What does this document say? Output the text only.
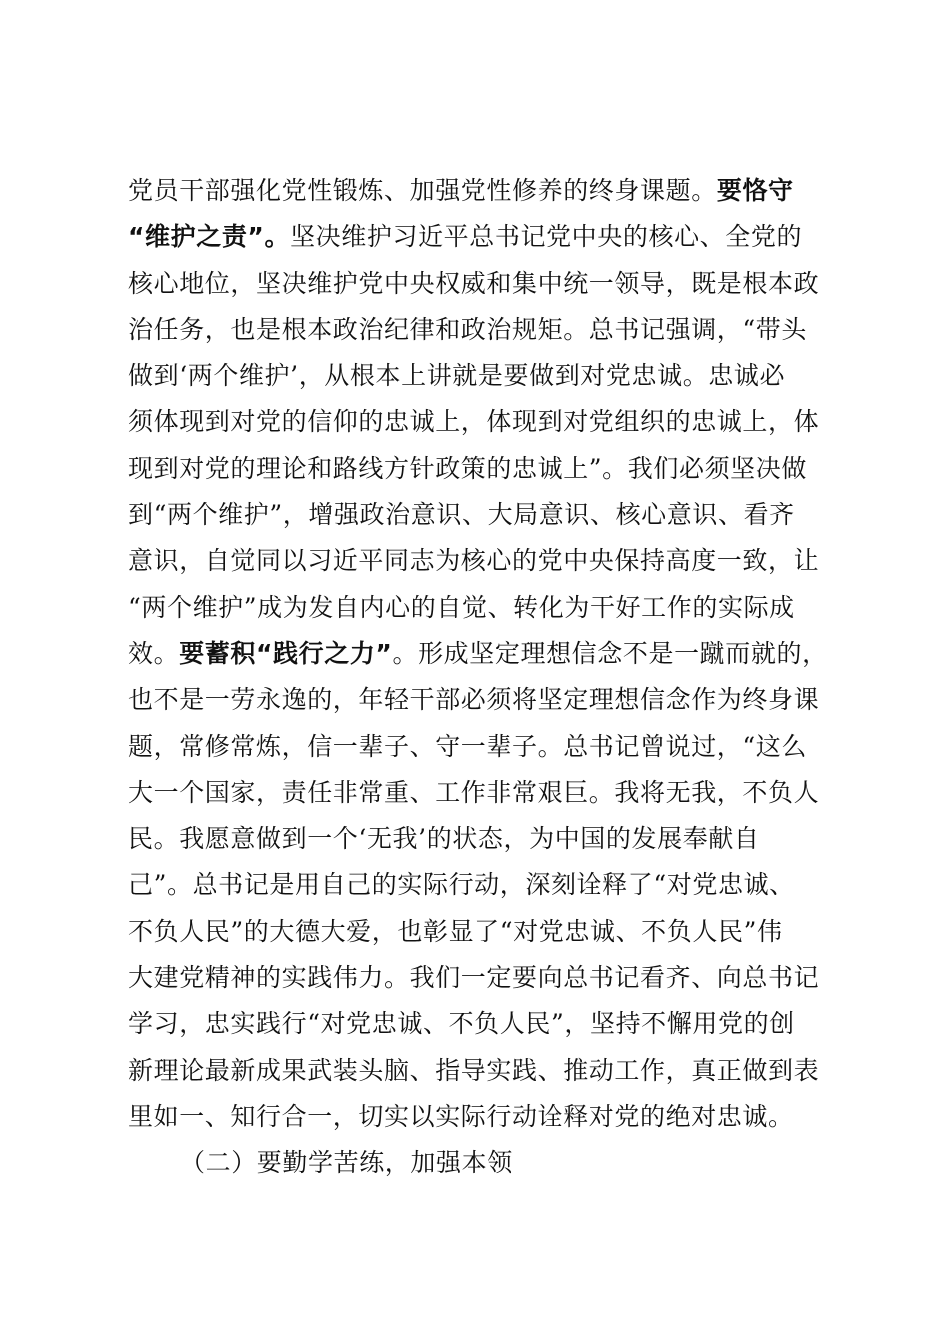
党员干部强化党性锻炼、加强党性修养的终身课题。要恪守
“维护之责”。坚决维护习近平总书记党中央的核心、全党的
核心地位，坚决维护党中央权威和集中统一领导，既是根本政
治任务，也是根本政治纪律和政治规矩。总书记强调，“带头
做到‘两个维护’，从根本上讲就是要做到对党忠诚。忠诚必
须体现到对党的信仰的忠诚上，体现到对党组织的忠诚上，体
现到对党的理论和路线方针政策的忠诚上”。我们必须坚决做
到“两个维护”，增强政治意识、大局意识、核心意识、看齐
意识，自觉同以习近平同志为核心的党中央保持高度一致，让
“两个维护”成为发自内心的自觉、转化为干好工作的实际成
效。要蓄积“践行之力”。形成坚定理想信念不是一蹴而就的，
也不是一劳永逸的，年轻干部必须将坚定理想信念作为终身课
题，常修常炼，信一辈子、守一辈子。总书记曾说过，“这么
大一个国家，责任非常重、工作非常艰巨。我将无我，不负人
民。我愿意做到一个‘无我’的状态，为中国的发展奉献自
己”。总书记是用自己的实际行动，深刻诠释了“对党忠诚、
不负人民”的大德大爱，也彰显了“对党忠诚、不负人民”伟
大建党精神的实践伟力。我们一定要向总书记看齐、向总书记
学习，忠实践行“对党忠诚、不负人民”，坚持不懈用党的创
新理论最新成果武装头脑、指导实践、推动工作，真正做到表
里如一、知行合一，切实以实际行动诠释对党的绝对忠诚。
（二）要勤学苦练，加强本领
